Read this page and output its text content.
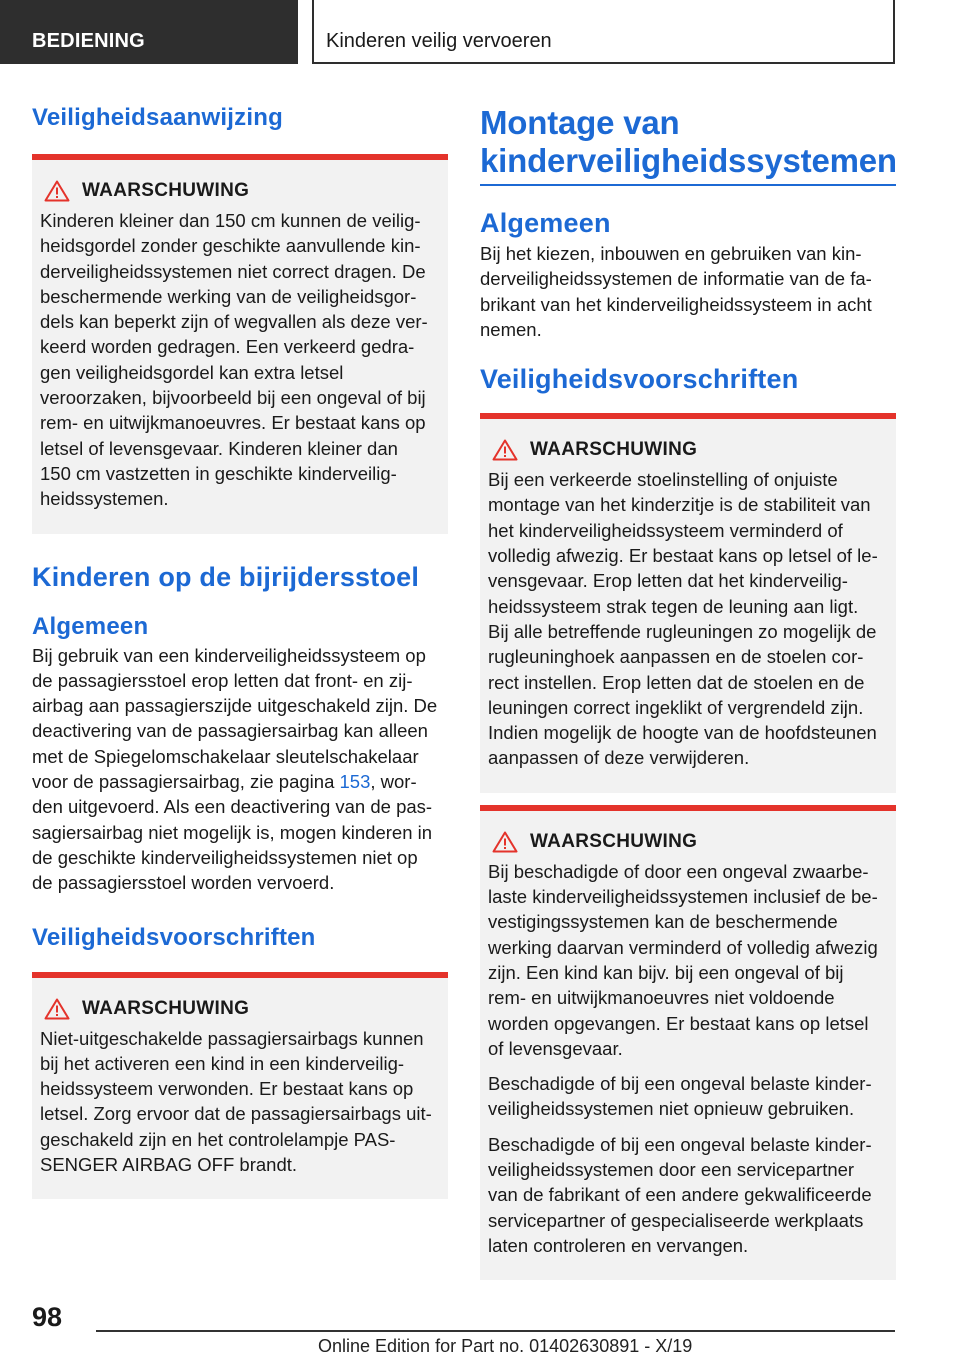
BEDIENING	Kinderen veilig vervoeren
Veiligheidsaanwijzing
WAARSCHUWING
Kinderen kleiner dan 150 cm kunnen de veilig-
heidsgordel zonder geschikte aanvullende kin-
derveiligheidssystemen niet correct dragen. De
beschermende werking van de veiligheidsgor-
dels kan beperkt zijn of wegvallen als deze ver-
keerd worden gedragen. Een verkeerd gedra-
gen veiligheidsgordel kan extra letsel
veroorzaken, bijvoorbeeld bij een ongeval of bij
rem- en uitwijkmanoeuvres. Er bestaat kans op
letsel of levensgevaar. Kinderen kleiner dan
150 cm vastzetten in geschikte kinderveilig-
heidssystemen.
Kinderen op de bijrijdersstoel
Algemeen
Bij gebruik van een kinderveiligheidssysteem op
de passagiersstoel erop letten dat front- en zij-
airbag aan passagierszijde uitgeschakeld zijn. De
deactivering van de passagiersairbag kan alleen
met de Spiegelomschakelaar sleutelschakelaar
voor de passagiersairbag, zie pagina 153, wor-
den uitgevoerd. Als een deactivering van de pas-
sagiersairbag niet mogelijk is, mogen kinderen in
de geschikte kinderveiligheidssystemen niet op
de passagiersstoel worden vervoerd.
Veiligheidsvoorschriften
WAARSCHUWING
Niet-uitgeschakelde passagiersairbags kunnen
bij het activeren een kind in een kinderveilig-
heidssysteem verwonden. Er bestaat kans op
letsel. Zorg ervoor dat de passagiersairbags uit-
geschakeld zijn en het controlelampje PAS-
SENGER AIRBAG OFF brandt.
Montage van
kinderveiligheidssystemen
Algemeen
Bij het kiezen, inbouwen en gebruiken van kin-
derveiligheidssystemen de informatie van de fa-
brikant van het kinderveiligheidssysteem in acht
nemen.
Veiligheidsvoorschriften
WAARSCHUWING
Bij een verkeerde stoelinstelling of onjuiste
montage van het kinderzitje is de stabiliteit van
het kinderveiligheidssysteem verminderd of
volledig afwezig. Er bestaat kans op letsel of le-
vensgevaar. Erop letten dat het kinderveilig-
heidssysteem strak tegen de leuning aan ligt.
Bij alle betreffende rugleuningen zo mogelijk de
rugleuninghoek aanpassen en de stoelen cor-
rect instellen. Erop letten dat de stoelen en de
leuningen correct ingeklikt of vergrendeld zijn.
Indien mogelijk de hoogte van de hoofdsteunen
aanpassen of deze verwijderen.
WAARSCHUWING
Bij beschadigde of door een ongeval zwaarbe-
laste kinderveiligheidssystemen inclusief de be-
vestigingssystemen kan de beschermende
werking daarvan verminderd of volledig afwezig
zijn. Een kind kan bijv. bij een ongeval of bij
rem- en uitwijkmanoeuvres niet voldoende
worden opgevangen. Er bestaat kans op letsel
of levensgevaar.
Beschadigde of bij een ongeval belaste kinder-
veiligheidssystemen niet opnieuw gebruiken.
Beschadigde of bij een ongeval belaste kinder-
veiligheidssystemen door een servicepartner
van de fabrikant of een andere gekwalificeerde
servicepartner of gespecialiseerde werkplaats
laten controleren en vervangen.
98
Online Edition for Part no. 01402630891 - X/19
